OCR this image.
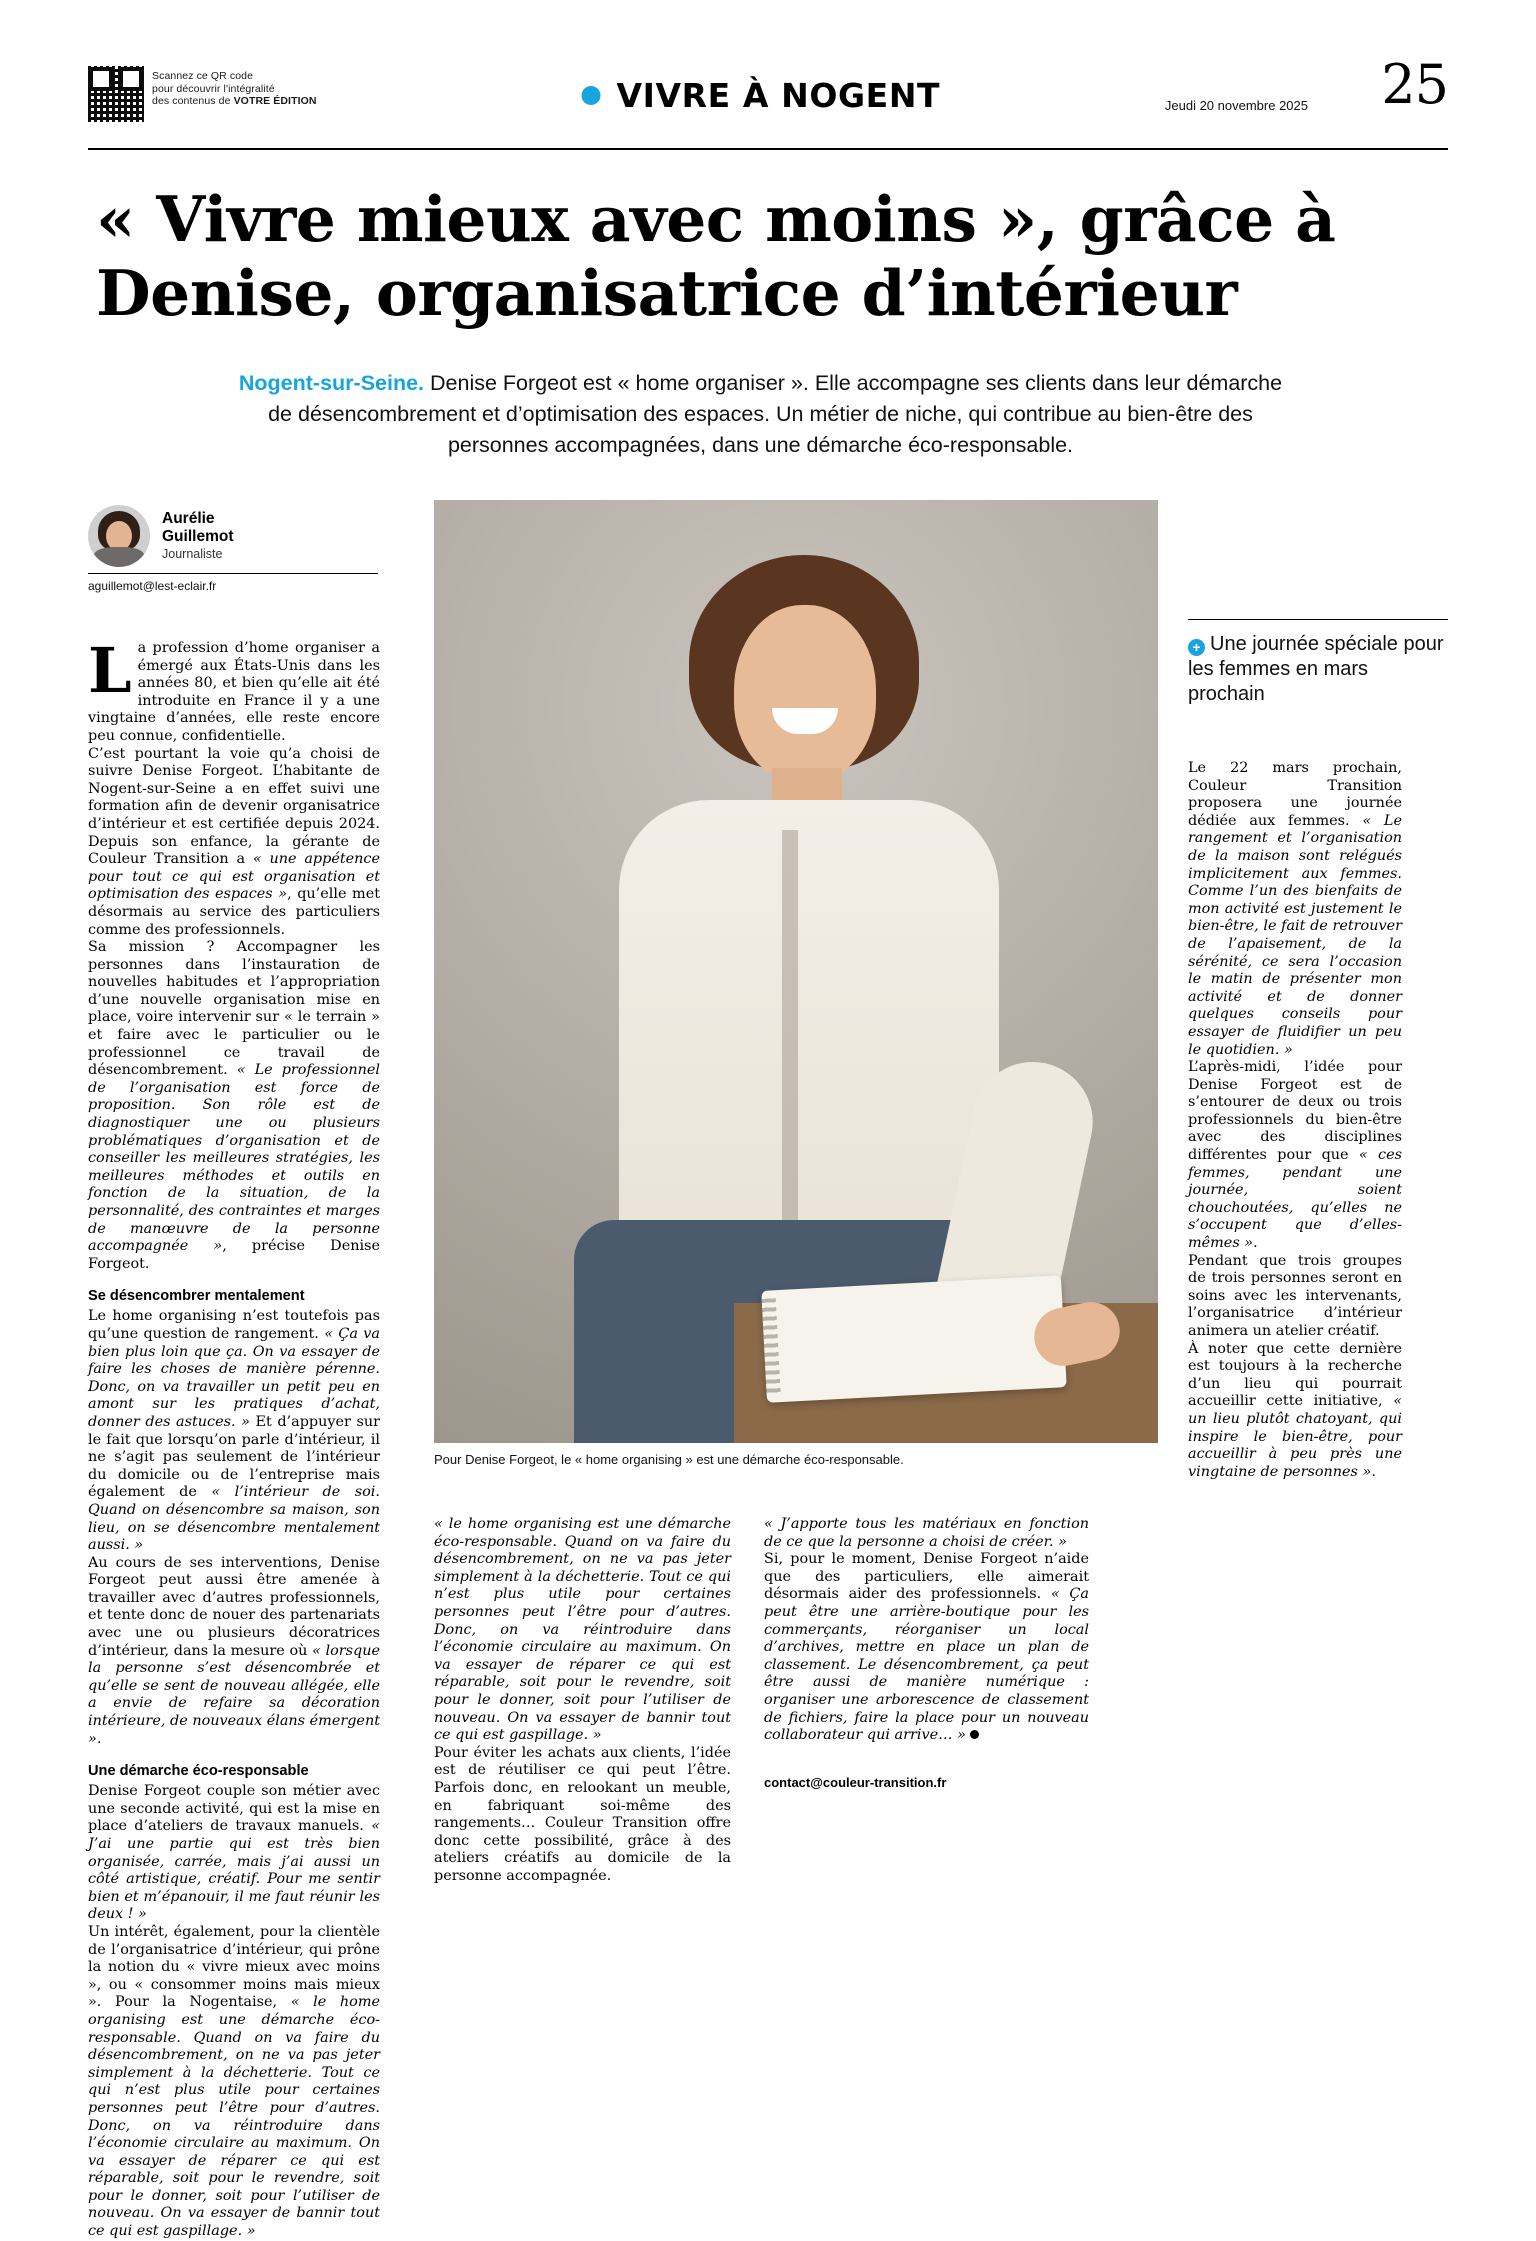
Scannez ce QR code
pour découvrir l'intégralité
des contenus de VOTRE ÉDITION	VIVRE À NOGENT	Jeudi 20 novembre 2025 25
« Vivre mieux avec moins », grâce à Denise, organisatrice d’intérieur
Nogent-sur-Seine. Denise Forgeot est « home organiser ». Elle accompagne ses clients dans leur démarche de désencombrement et d’optimisation des espaces. Un métier de niche, qui contribue au bien-être des personnes accompagnées, dans une démarche éco-responsable.
Aurélie
Guillemot
Journaliste
aguillemot@lest-eclair.fr

La profession d’home organiser a émergé aux États-Unis dans les années 80, et bien qu’elle ait été introduite en France il y a une vingtaine d’années, elle reste encore peu connue, confidentielle.

C’est pourtant la voie qu’a choisi de suivre Denise Forgeot. L’habitante de Nogent-sur-Seine a en effet suivi une formation afin de devenir organisatrice d’intérieur et est certifiée depuis 2024. Depuis son enfance, la gérante de Couleur Transition a « une appétence pour tout ce qui est organisation et optimisation des espaces », qu’elle met désormais au service des particuliers comme des professionnels.

Sa mission ? Accompagner les personnes dans l’instauration de nouvelles habitudes et l’appropriation d’une nouvelle organisation mise en place, voire intervenir sur « le terrain » et faire avec le particulier ou le professionnel ce travail de désencombrement. « Le professionnel de l’organisation est force de proposition. Son rôle est de diagnostiquer une ou plusieurs problématiques d’organisation et de conseiller les meilleures stratégies, les meilleures méthodes et outils en fonction de la situation, de la personnalité, des contraintes et marges de manœuvre de la personne accompagnée », précise Denise Forgeot.

Se désencombrer mentalement

Le home organising n’est toutefois pas qu’une question de rangement. « Ça va bien plus loin que ça. On va essayer de faire les choses de manière pérenne. Donc, on va travailler un petit peu en amont sur les pratiques d’achat, donner des astuces. » Et d’appuyer sur le fait que lorsqu’on parle d’intérieur, il ne s’agit pas seulement de l’intérieur du domicile ou de l’entreprise mais également de « l’intérieur de soi. Quand on désencombre sa maison, son lieu, on se désencombre mentalement aussi. »

Au cours de ses interventions, Denise Forgeot peut aussi être amenée à travailler avec d’autres professionnels, et tente donc de nouer des partenariats avec une ou plusieurs décoratrices d’intérieur, dans la mesure où « lorsque la personne s’est désencombrée et qu’elle se sent de nouveau allégée, elle a envie de refaire sa décoration intérieure, de nouveaux élans émergent ».

Une démarche éco-responsable

Denise Forgeot couple son métier avec une seconde activité, qui est la mise en place d’ateliers de travaux manuels. « J’ai une partie qui est très bien organisée, carrée, mais j’ai aussi un côté artistique, créatif. Pour me sentir bien et m’épanouir, il me faut réunir les deux ! »

Un intérêt, également, pour la clientèle de l’organisatrice d’intérieur, qui prône la notion du « vivre mieux avec moins », ou « consommer moins mais mieux ». Pour la Nogentaise, « le home organising est une démarche éco-responsable. Quand on va faire du désencombrement, on ne va pas jeter simplement à la déchetterie. Tout ce qui n’est plus utile pour certaines personnes peut l’être pour d’autres. Donc, on va réintroduire dans l’économie circulaire au maximum. On va essayer de réparer ce qui est réparable, soit pour le revendre, soit pour le donner, soit pour l’utiliser de nouveau. On va essayer de bannir tout ce qui est gaspillage. »

Pour Denise Forgeot, le « home organising » est une démarche éco-responsable.
+ Une journée spéciale pour les femmes en mars prochain

Le 22 mars prochain, Couleur Transition proposera une journée dédiée aux femmes. « Le rangement et l’organisation de la maison sont relégués implicitement aux femmes. Comme l’un des bienfaits de mon activité est justement le bien-être, le fait de retrouver de l’apaisement, de la sérénité, ce sera l’occasion le matin de présenter mon activité et de donner quelques conseils pour essayer de fluidifier un peu le quotidien. »

L’après-midi, l’idée pour Denise Forgeot est de s’entourer de deux ou trois professionnels du bien-être avec des disciplines différentes pour que « ces femmes, pendant une journée, soient chouchoutées, qu’elles ne s’occupent que d’elles-mêmes ».

Pendant que trois groupes de trois personnes seront en soins avec les intervenants, l’organisatrice d’intérieur animera un atelier créatif.

À noter que cette dernière est toujours à la recherche d’un lieu qui pourrait accueillir cette initiative, « un lieu plutôt chatoyant, qui inspire le bien-être, pour accueillir à peu près une vingtaine de personnes ».

« le home organising est une démarche éco-responsable. Quand on va faire du désencombrement, on ne va pas jeter simplement à la déchetterie. Tout ce qui n’est plus utile pour certaines personnes peut l’être pour d’autres. Donc, on va réintroduire dans l’économie circulaire au maximum. On va essayer de réparer ce qui est réparable, soit pour le revendre, soit pour le donner, soit pour l’utiliser de nouveau. On va essayer de bannir tout ce qui est gaspillage. »

Pour éviter les achats aux clients, l’idée est de réutiliser ce qui peut l’être. Parfois donc, en relookant un meuble, en fabriquant soi-même des rangements… Couleur Transition offre donc cette possibilité, grâce à des ateliers créatifs au domicile de la personne accompagnée.

« J’apporte tous les matériaux en fonction de ce que la personne a choisi de créer. »

Si, pour le moment, Denise Forgeot n’aide que des particuliers, elle aimerait désormais aider des professionnels. « Ça peut être une arrière-boutique pour les commerçants, réorganiser un local d’archives, mettre en place un plan de classement. Le désencombrement, ça peut être aussi de manière numérique : organiser une arborescence de classement de fichiers, faire la place pour un nouveau collaborateur qui arrive… »

contact@couleur-transition.fr
